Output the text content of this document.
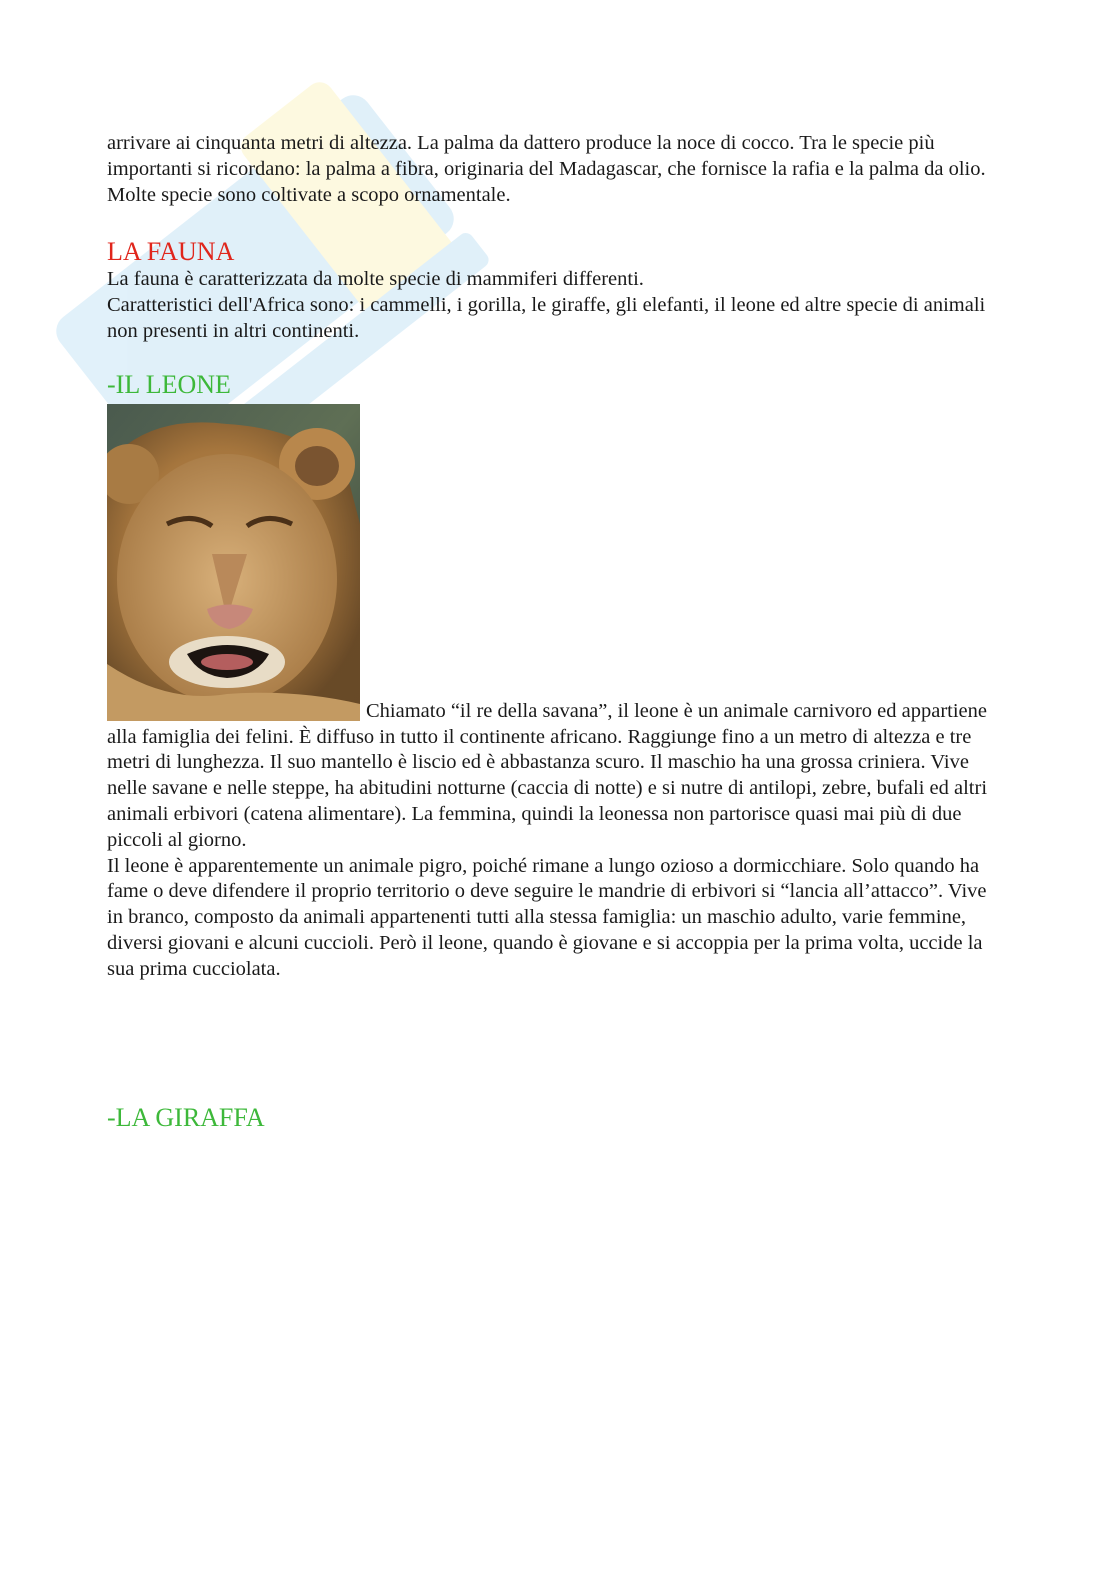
arrivare ai cinquanta metri di altezza. La palma da dattero produce la noce di cocco. Tra le specie più importanti si ricordano: la palma a fibra, originaria del Madagascar, che fornisce la rafia e la palma da olio. Molte specie sono coltivate a scopo ornamentale.

LA FAUNA

La fauna è caratterizzata da molte specie di mammiferi differenti.

Caratteristici dell'Africa sono: i cammelli, i gorilla, le giraffe, gli elefanti, il leone ed altre specie di animali non presenti in altri continenti.

-IL LEONE

Chiamato “il re della savana”, il leone è un animale carnivoro ed appartiene alla famiglia dei felini. È diffuso in tutto il continente africano. Raggiunge fino a un metro di altezza e tre metri di lunghezza. Il suo mantello è liscio ed è abbastanza scuro. Il maschio ha una grossa criniera. Vive nelle savane e nelle steppe, ha abitudini notturne (caccia di notte) e si nutre di antilopi, zebre, bufali ed altri animali erbivori (catena alimentare). La femmina, quindi la leonessa non partorisce quasi mai più di due piccoli al giorno.

Il leone è apparentemente un animale pigro, poiché rimane a lungo ozioso a dormicchiare. Solo quando ha fame o deve difendere il proprio territorio o deve seguire le mandrie di erbivori si “lancia all’attacco”. Vive in branco, composto da animali appartenenti tutti alla stessa famiglia: un maschio adulto, varie femmine, diversi giovani e alcuni cuccioli. Però il leone, quando è giovane e si accoppia per la prima volta, uccide la sua prima cucciolata.

-LA GIRAFFA
